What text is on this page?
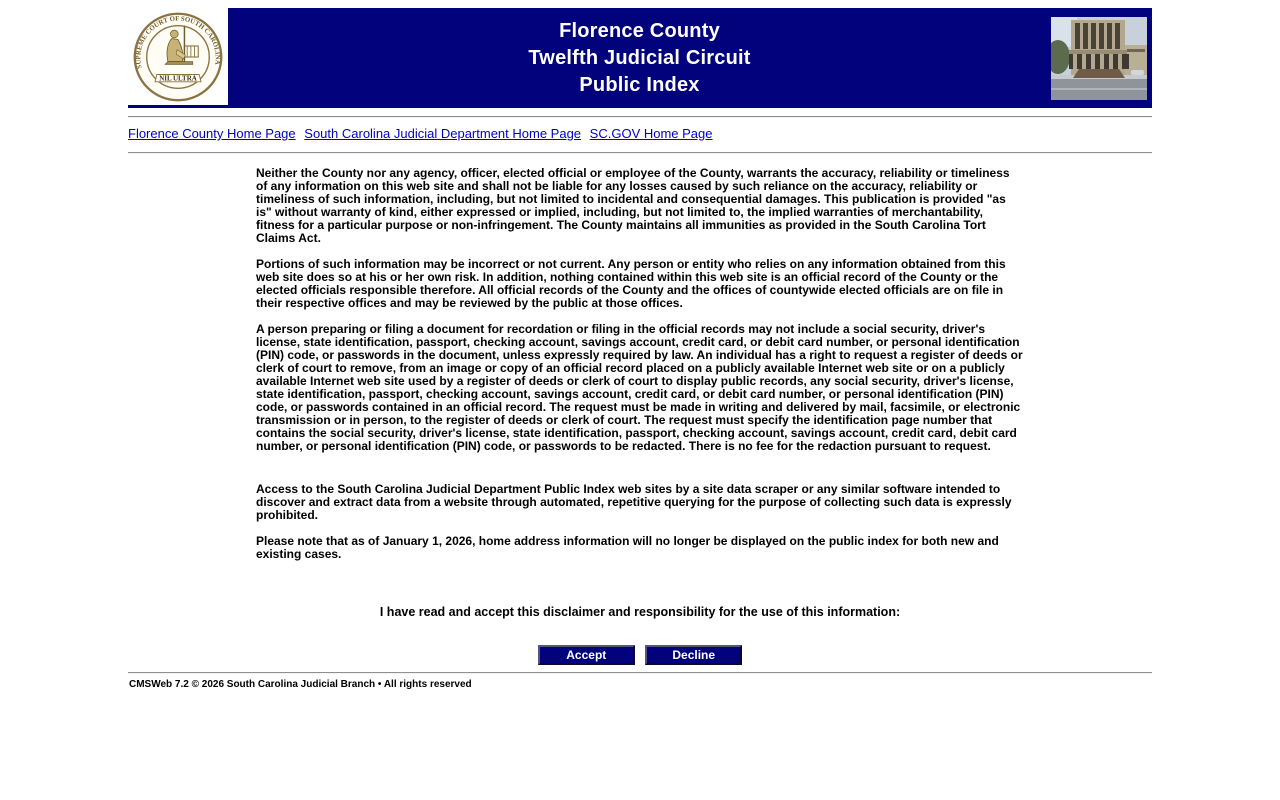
SUPREME COURT OF SOUTH CAROLINA
NIL ULTRA
Florence County
Twelfth Judicial Circuit
Public Index
Florence County Home Page South Carolina Judicial Department Home Page SC.GOV Home Page

Neither the County nor any agency, officer, elected official or employee of the County, warrants the accuracy, reliability or timeliness of any information on this web site and shall not be liable for any losses caused by such reliance on the accuracy, reliability or timeliness of such information, including, but not limited to incidental and consequential damages. This publication is provided "as is" without warranty of kind, either expressed or implied, including, but not limited to, the implied warranties of merchantability, fitness for a particular purpose or non-infringement. The County maintains all immunities as provided in the South Carolina Tort Claims Act.

Portions of such information may be incorrect or not current. Any person or entity who relies on any information obtained from this web site does so at his or her own risk. In addition, nothing contained within this web site is an official record of the County or the elected officials responsible therefore. All official records of the County and the offices of countywide elected officials are on file in their respective offices and may be reviewed by the public at those offices.

A person preparing or filing a document for recordation or filing in the official records may not include a social security, driver's license, state identification, passport, checking account, savings account, credit card, or debit card number, or personal identification (PIN) code, or passwords in the document, unless expressly required by law. An individual has a right to request a register of deeds or clerk of court to remove, from an image or copy of an official record placed on a publicly available Internet web site or on a publicly available Internet web site used by a register of deeds or clerk of court to display public records, any social security, driver's license, state identification, passport, checking account, savings account, credit card, or debit card number, or personal identification (PIN) code, or passwords contained in an official record. The request must be made in writing and delivered by mail, facsimile, or electronic transmission or in person, to the register of deeds or clerk of court. The request must specify the identification page number that contains the social security, driver's license, state identification, passport, checking account, savings account, credit card, debit card number, or personal identification (PIN) code, or passwords to be redacted. There is no fee for the redaction pursuant to request.

Access to the South Carolina Judicial Department Public Index web sites by a site data scraper or any similar software intended to discover and extract data from a website through automated, repetitive querying for the purpose of collecting such data is expressly prohibited.

Please note that as of January 1, 2026, home address information will no longer be displayed on the public index for both new and existing cases.

I have read and accept this disclaimer and responsibility for the use of this information:
Accept	Decline
CMSWeb 7.2 © 2026 South Carolina Judicial Branch • All rights reserved
